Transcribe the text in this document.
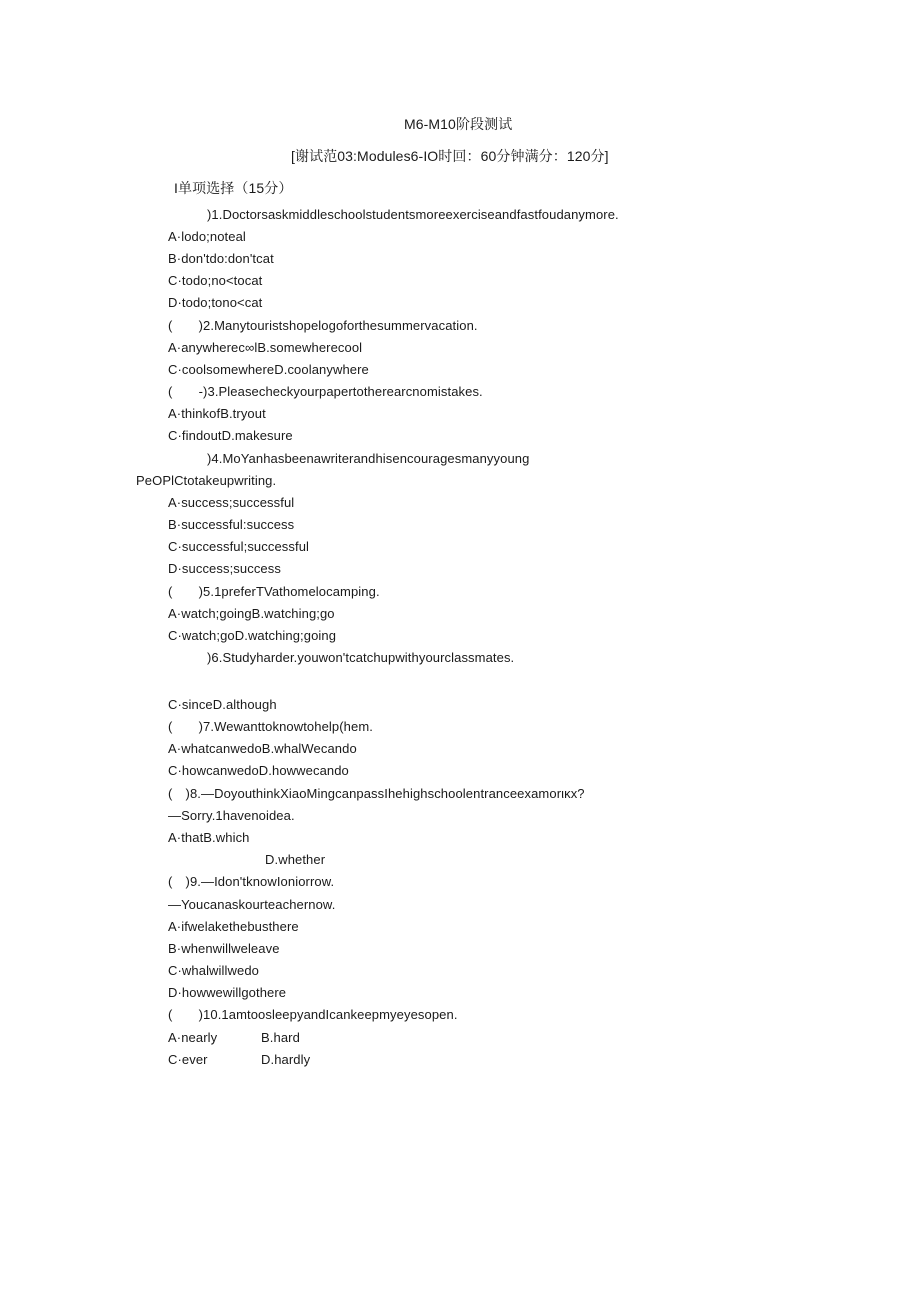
M6-M10阶段测试
[谢试范03:Modules6-IO时回：60分钟满分：120分]
I单项选择（15分）
)1.Doctorsaskmiddleschoolstudentsmoreexerciseandfastfoudanymore.
A·lodo;noteal
B·don'tdo:don'tcat
C·todo;no<tocat
D·todo;tono<cat
(　　)2.Manytouristshopelogoforthesummervacation.
A·anywherec∞lB.somewherecool
C·coolsomewhereD.coolanywhere
(　　-)3.Pleasecheckyourpapertotherearcnomistakes.
A·thinkofB.tryout
C·findoutD.makesure
)4.MoYanhasbeenawriterandhisencouragesmanyyoung
PeOPlCtotakeupwriting.
A·success;successful
B·successful:success
C·successful;successful
D·success;success
(　　)5.1preferTVathomelocamping.
A·watch;goingB.watching;go
C·watch;goD.watching;going
)6.Studyharder.youwon'tcatchupwithyourclassmates.
C·sinceD.although
(　　)7.Wewanttoknowtohelp(hem.
A·whatcanwedoB.whalWecando
C·howcanwedoD.howwecando
(　)8.—DoyouthinkXiaoMingcanpassIhehighschoolentranceexamorικx?
—Sorry.1havenoidea.
A·thatB.which
D.whether
(　)9.—Idon'tknowIoniorrow.
—Youcanaskourteachernow.
A·ifwelakethebusthere
B·whenwillweleave
C·whalwillwedo
D·howwewillgothere
(　　)10.1amtoosleepyandIcankeepmyeyesopen.
A·nearly	B.hard
C·ever	D.hardly
